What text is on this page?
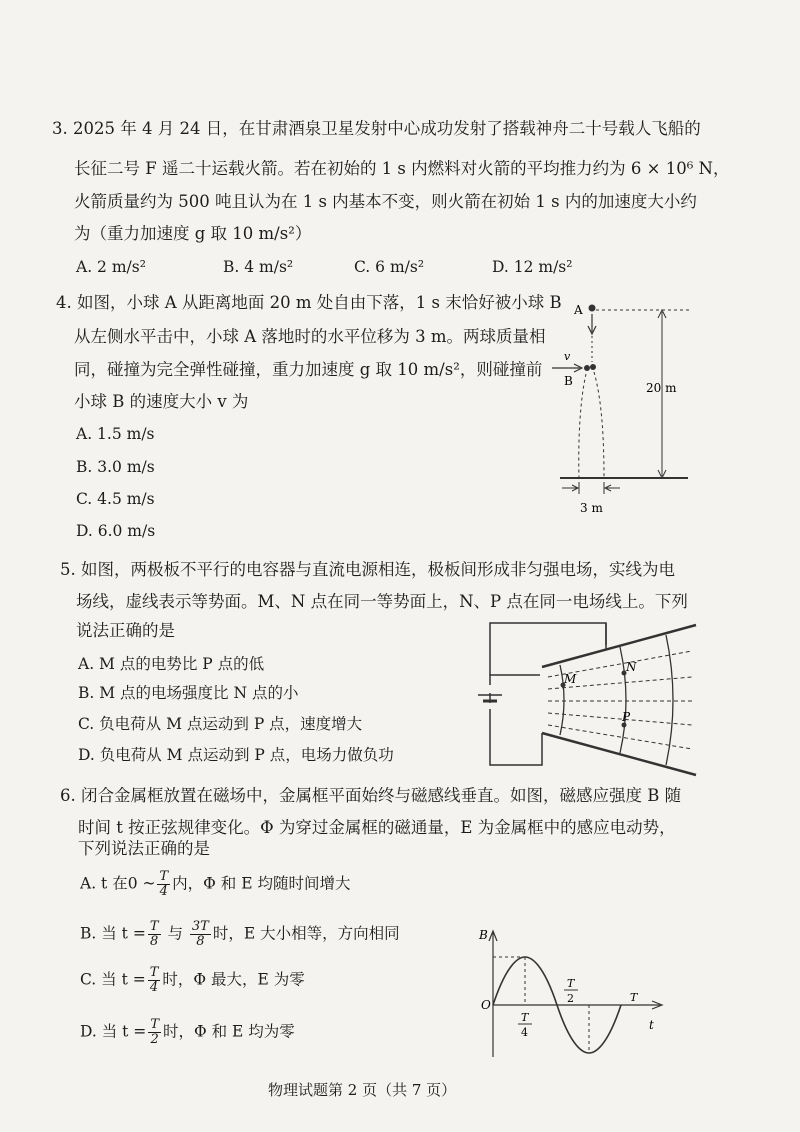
3. 2025 年 4 月 24 日，在甘肃酒泉卫星发射中心成功发射了搭载神舟二十号载人飞船的
长征二号 F 遥二十运载火箭。若在初始的 1 s 内燃料对火箭的平均推力约为 6 × 10⁶ N，
火箭质量约为 500 吨且认为在 1 s 内基本不变，则火箭在初始 1 s 内的加速度大小约
为（重力加速度 g 取 10 m/s²）
A. 2 m/s²	B. 4 m/s²	C. 6 m/s²	D. 12 m/s²
4. 如图，小球 A 从距离地面 20 m 处自由下落，1 s 末恰好被小球 B
从左侧水平击中，小球 A 落地时的水平位移为 3 m。两球质量相
同，碰撞为完全弹性碰撞，重力加速度 g 取 10 m/s²，则碰撞前
小球 B 的速度大小 v 为
A. 1.5 m/s
B. 3.0 m/s
C. 4.5 m/s
D. 6.0 m/s
A
v
B	20 m
3 m
5. 如图，两极板不平行的电容器与直流电源相连，极板间形成非匀强电场，实线为电
场线，虚线表示等势面。M、N 点在同一等势面上，N、P 点在同一电场线上。下列
说法正确的是
A. M 点的电势比 P 点的低
B. M 点的电场强度比 N 点的小
C. 负电荷从 M 点运动到 P 点，速度增大
D. 负电荷从 M 点运动到 P 点，电场力做负功
M
N
P
6. 闭合金属框放置在磁场中，金属框平面始终与磁感线垂直。如图，磁感应强度 B 随
时间 t 按正弦规律变化。Φ 为穿过金属框的磁通量，E 为金属框中的感应电动势，
下列说法正确的是
A. t 在0 ~ $\frac{T}{4}$ 内，Φ 和 E 均随时间增大
B. 当 $t = \frac{T}{8}$ 与 $\frac{3T}{8}$ 时，E 大小相等，方向相同
C. 当 $t = \frac{T}{4}$ 时，Φ 最大，E 为零
D. 当 $t = \frac{T}{2}$ 时，Φ 和 E 均为零
B
t
O
T
4
T
2	T
物理试题第 2 页（共 7 页）
